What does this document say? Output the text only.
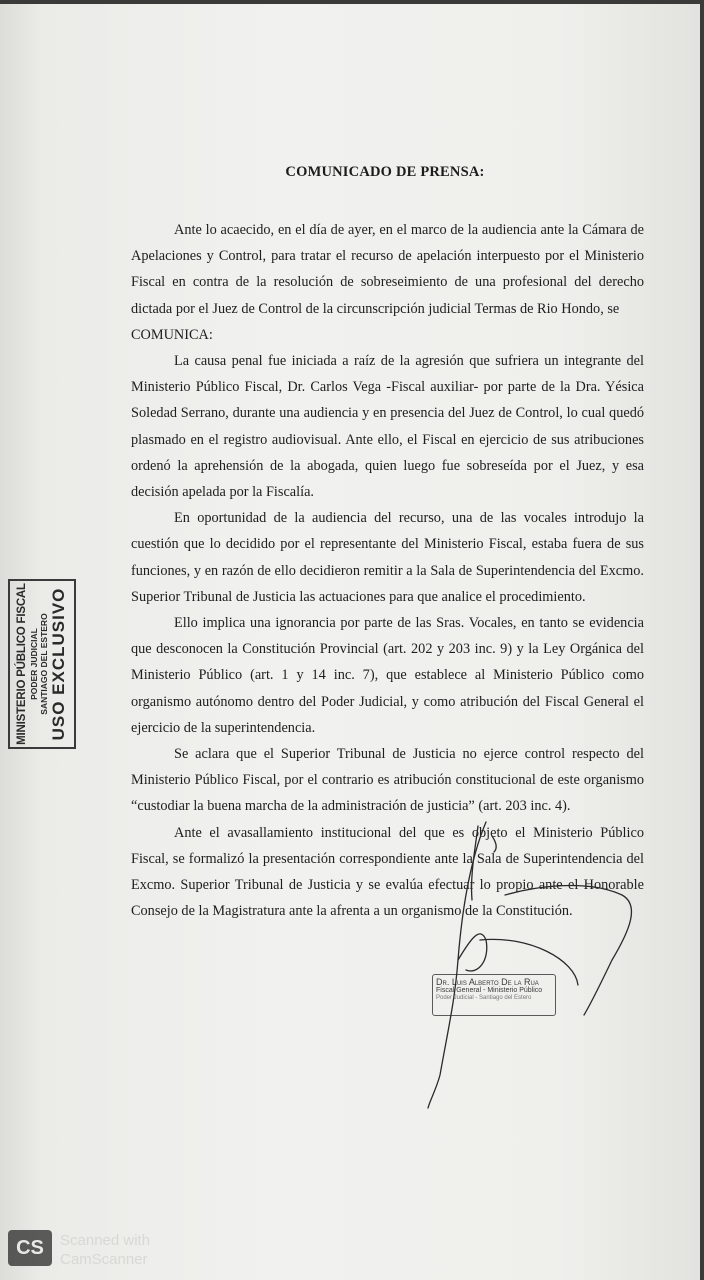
COMUNICADO DE PRENSA:

Ante lo acaecido, en el día de ayer, en el marco de la audiencia ante la Cámara de Apelaciones y Control, para tratar el recurso de apelación interpuesto por el Ministerio Fiscal en contra de la resolución de sobreseimiento de una profesional del derecho dictada por el Juez de Control de la circunscripción judicial Termas de Rio Hondo, se

COMUNICA:

La causa penal fue iniciada a raíz de la agresión que sufriera un integrante del Ministerio Público Fiscal, Dr. Carlos Vega -Fiscal auxiliar- por parte de la Dra. Yésica Soledad Serrano, durante una audiencia y en presencia del Juez de Control, lo cual quedó plasmado en el registro audiovisual. Ante ello, el Fiscal en ejercicio de sus atribuciones ordenó la aprehensión de la abogada, quien luego fue sobreseída por el Juez, y esa decisión apelada por la Fiscalía.

En oportunidad de la audiencia del recurso, una de las vocales introdujo la cuestión que lo decidido por el representante del Ministerio Fiscal, estaba fuera de sus funciones, y en razón de ello decidieron remitir a la Sala de Superintendencia del Excmo. Superior Tribunal de Justicia las actuaciones para que analice el procedimiento.

Ello implica una ignorancia por parte de las Sras. Vocales, en tanto se evidencia que desconocen la Constitución Provincial (art. 202 y 203 inc. 9) y la Ley Orgánica del Ministerio Público (art. 1 y 14 inc. 7), que establece al Ministerio Público como organismo autónomo dentro del Poder Judicial, y como atribución del Fiscal General el ejercicio de la superintendencia.

Se aclara que el Superior Tribunal de Justicia no ejerce control respecto del Ministerio Público Fiscal, por el contrario es atribución constitucional de este organismo “custodiar la buena marcha de la administración de justicia” (art. 203 inc. 4).

Ante el avasallamiento institucional del que es objeto el Ministerio Público Fiscal, se formalizó la presentación correspondiente ante la Sala de Superintendencia del Excmo. Superior Tribunal de Justicia y se evalúa efectuar lo propio ante el Honorable Consejo de la Magistratura ante la afrenta a un organismo de la Constitución.

MINISTERIO PÚBLICO FISCAL PODER JUDICIAL SANTIAGO DEL ESTERO USO EXCLUSIVO
Dr. Luis Alberto De la Rua
Fiscal General - Ministerio Público
Poder Judicial - Santiago del Estero
CS	Scanned with
CamScanner
